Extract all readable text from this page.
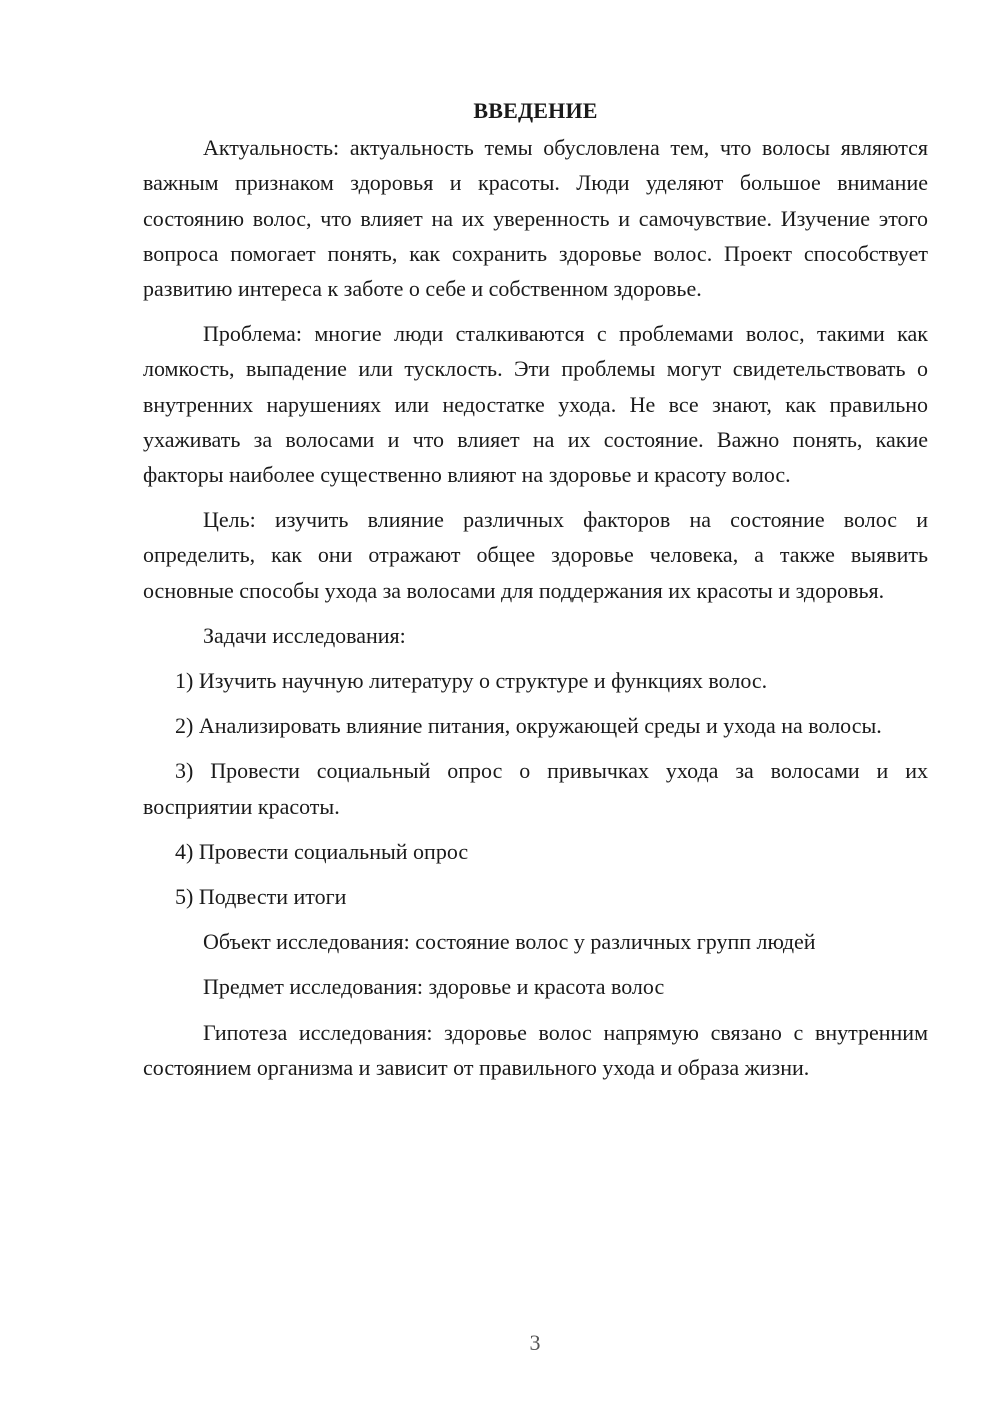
ВВЕДЕНИЕ

Актуальность: актуальность темы обусловлена тем, что волосы являются важным признаком здоровья и красоты. Люди уделяют большое внимание состоянию волос, что влияет на их уверенность и самочувствие. Изучение этого вопроса помогает понять, как сохранить здоровье волос. Проект способствует развитию интереса к заботе о себе и собственном здоровье.

Проблема: многие люди сталкиваются с проблемами волос, такими как ломкость, выпадение или тусклость. Эти проблемы могут свидетельствовать о внутренних нарушениях или недостатке ухода. Не все знают, как правильно ухаживать за волосами и что влияет на их состояние. Важно понять, какие факторы наиболее существенно влияют на здоровье и красоту волос.

Цель: изучить влияние различных факторов на состояние волос и определить, как они отражают общее здоровье человека, а также выявить основные способы ухода за волосами для поддержания их красоты и здоровья.

Задачи исследования:

1) Изучить научную литературу о структуре и функциях волос.

2) Анализировать влияние питания, окружающей среды и ухода на волосы.

3) Провести социальный опрос о привычках ухода за волосами и их восприятии красоты.

4) Провести социальный опрос

5) Подвести итоги

Объект исследования: состояние волос у различных групп людей

Предмет исследования: здоровье и красота волос

Гипотеза исследования: здоровье волос напрямую связано с внутренним состоянием организма и зависит от правильного ухода и образа жизни.

3
